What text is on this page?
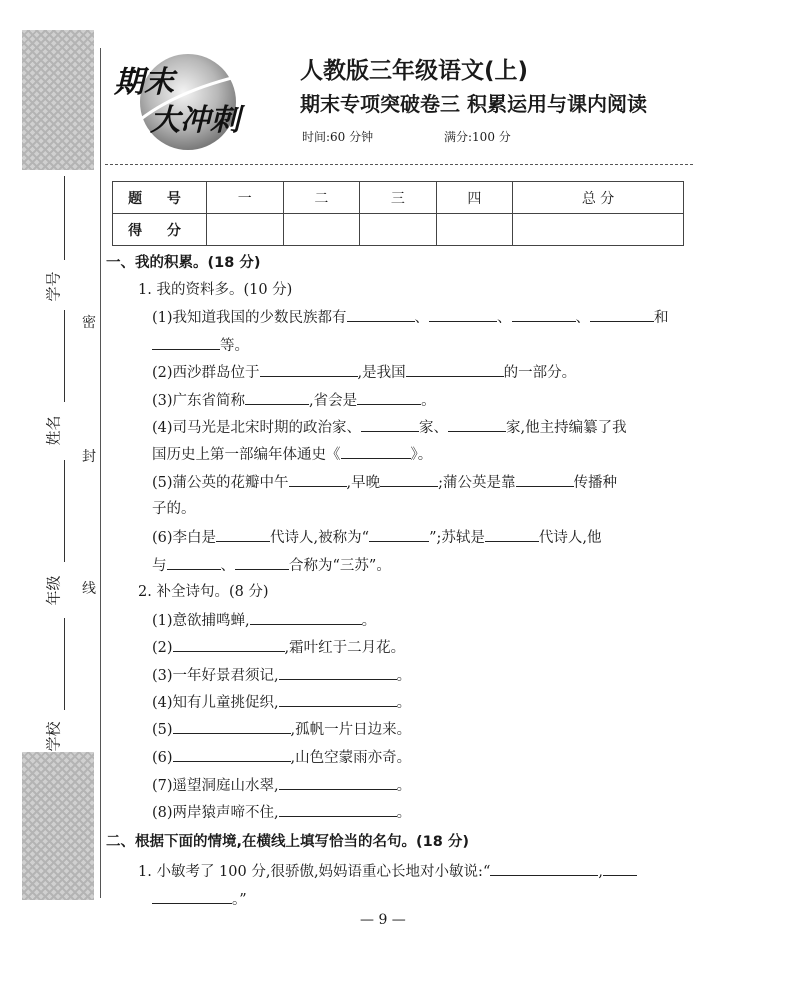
学号
姓名
年级
学校
密
封
线
期末
大冲刺
人教版三年级语文(上)
期末专项突破卷三 积累运用与课内阅读
时间:60 分钟	满分:100 分
题 号	一	二	三	四	总 分
得 分					
一、我的积累。(18 分)
1. 我的资料多。(10 分)
(1)我知道我国的少数民族都有	、	、	、	和
等。
(2)西沙群岛位于	,是我国	的一部分。
(3)广东省简称	,省会是	。
(4)司马光是北宋时期的政治家、	家、	家,他主持编纂了我
国历史上第一部编年体通史《	》。
(5)蒲公英的花瓣中午	,早晚	;蒲公英是靠	传播种
子的。
(6)李白是	代诗人,被称为“	”;苏轼是	代诗人,他
与	、	合称为“三苏”。
2. 补全诗句。(8 分)
(1)意欲捕鸣蝉,	。
(2)	,霜叶红于二月花。
(3)一年好景君须记,	。
(4)知有儿童挑促织,	。
(5)	,孤帆一片日边来。
(6)	,山色空蒙雨亦奇。
(7)遥望洞庭山水翠,	。
(8)两岸猿声啼不住,	。
二、根据下面的情境,在横线上填写恰当的名句。(18 分)
1. 小敏考了 100 分,很骄傲,妈妈语重心长地对小敏说:“	,
。”
— 9 —
